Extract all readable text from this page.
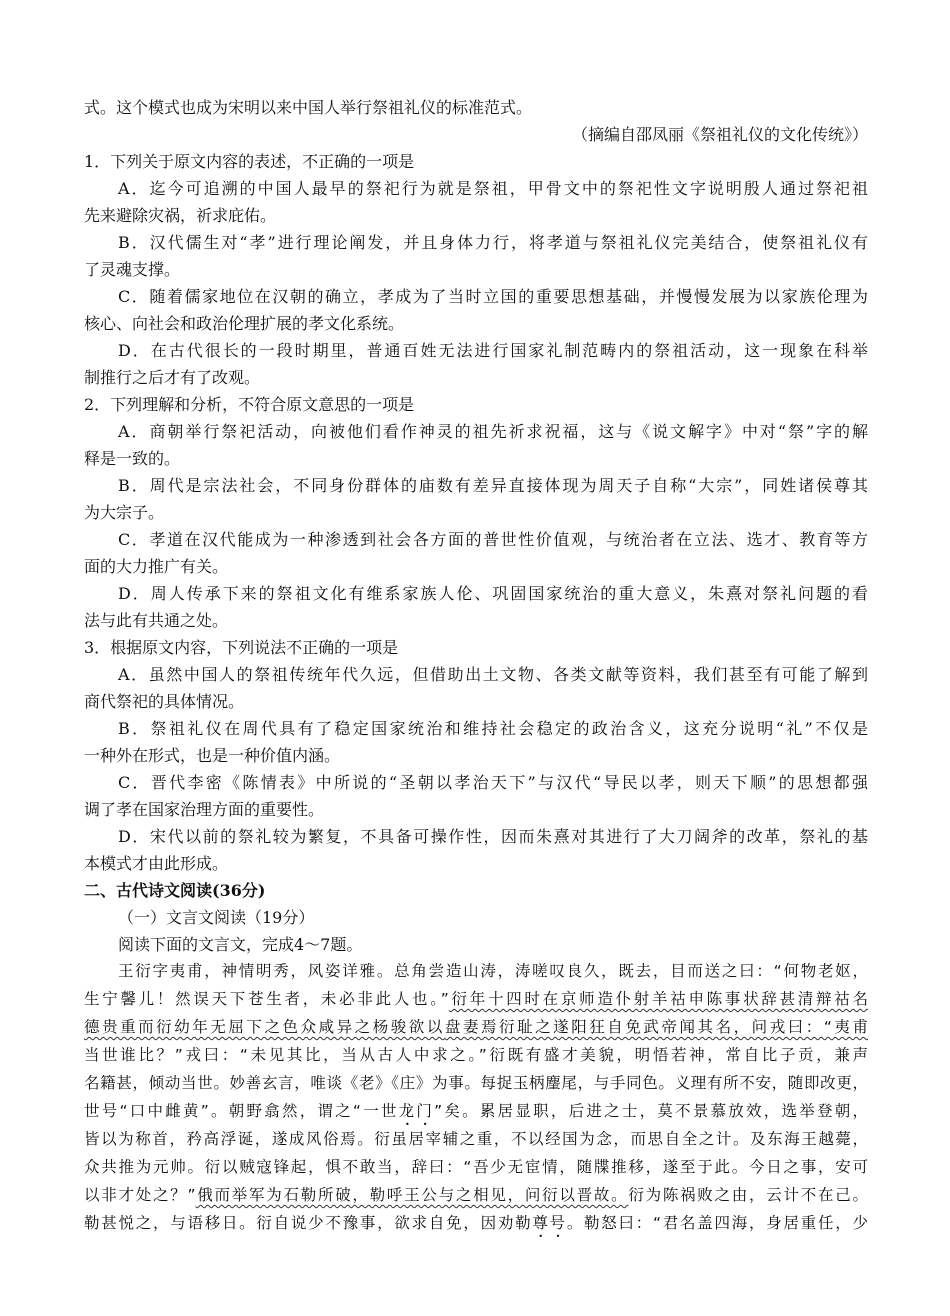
式。这个模式也成为宋明以来中国人举行祭祖礼仪的标准范式。
（摘编自邵凤丽《祭祖礼仪的文化传统》）
1．下列关于原文内容的表述，不正确的一项是
A．迄今可追溯的中国人最早的祭祀行为就是祭祖，甲骨文中的祭祀性文字说明殷人通过祭祀祖
先来避除灾祸，祈求庇佑。
B．汉代儒生对“孝”进行理论阐发，并且身体力行，将孝道与祭祖礼仪完美结合，使祭祖礼仪有
了灵魂支撑。
C．随着儒家地位在汉朝的确立，孝成为了当时立国的重要思想基础，并慢慢发展为以家族伦理为
核心、向社会和政治伦理扩展的孝文化系统。
D．在古代很长的一段时期里，普通百姓无法进行国家礼制范畴内的祭祖活动，这一现象在科举
制推行之后才有了改观。
2．下列理解和分析，不符合原文意思的一项是
A．商朝举行祭祀活动，向被他们看作神灵的祖先祈求祝福，这与《说文解字》中对“祭”字的解
释是一致的。
B．周代是宗法社会，不同身份群体的庙数有差异直接体现为周天子自称“大宗”，同姓诸侯尊其
为大宗子。
C．孝道在汉代能成为一种渗透到社会各方面的普世性价值观，与统治者在立法、选才、教育等方
面的大力推广有关。
D．周人传承下来的祭祖文化有维系家族人伦、巩固国家统治的重大意义，朱熹对祭礼问题的看
法与此有共通之处。
3．根据原文内容，下列说法不正确的一项是
A．虽然中国人的祭祖传统年代久远，但借助出土文物、各类文献等资料，我们甚至有可能了解到
商代祭祀的具体情况。
B．祭祖礼仪在周代具有了稳定国家统治和维持社会稳定的政治含义，这充分说明“礼”不仅是
一种外在形式，也是一种价值内涵。
C．晋代李密《陈情表》中所说的“圣朝以孝治天下”与汉代“导民以孝，则天下顺”的思想都强
调了孝在国家治理方面的重要性。
D．宋代以前的祭礼较为繁复，不具备可操作性，因而朱熹对其进行了大刀阔斧的改革，祭礼的基
本模式才由此形成。
二、古代诗文阅读(36分)
（一）文言文阅读（19分）
阅读下面的文言文，完成4～7题。
王衍字夷甫，神情明秀，风姿详雅。总角尝造山涛，涛嗟叹良久，既去，目而送之曰：“何物老妪，
生宁馨儿！然误天下苍生者，未必非此人也。”衍年十四时在京师造仆射羊祜申陈事状辞甚清辩祜名
德贵重而衍幼年无屈下之色众咸异之杨骏欲以盘妻焉衍耻之遂阳狂自免武帝闻其名，问戎曰：“夷甫
当世谁比？”戎曰：“未见其比，当从古人中求之。”衍既有盛才美貌，明悟若神，常自比子贡，兼声
名籍甚，倾动当世。妙善玄言，唯谈《老》《庄》为事。每捉玉柄麈尾，与手同色。义理有所不安，随即改更，
世号“口中雌黄”。朝野翕然，谓之“一世龙门”矣。累居显职，后进之士，莫不景慕放效，选举登朝，
皆以为称首，矜高浮诞，遂成风俗焉。衍虽居宰辅之重，不以经国为念，而思自全之计。及东海王越薨，
众共推为元帅。衍以贼寇锋起，惧不敢当，辞曰：“吾少无宦情，随牒推移，遂至于此。今日之事，安可
以非才处之？”俄而举军为石勒所破，勒呼王公与之相见，问衍以晋故。衍为陈祸败之由，云计不在己。
勒甚悦之，与语移日。衍自说少不豫事，欲求自免，因劝勒尊号。勒怒曰：“君名盖四海，身居重任，少
